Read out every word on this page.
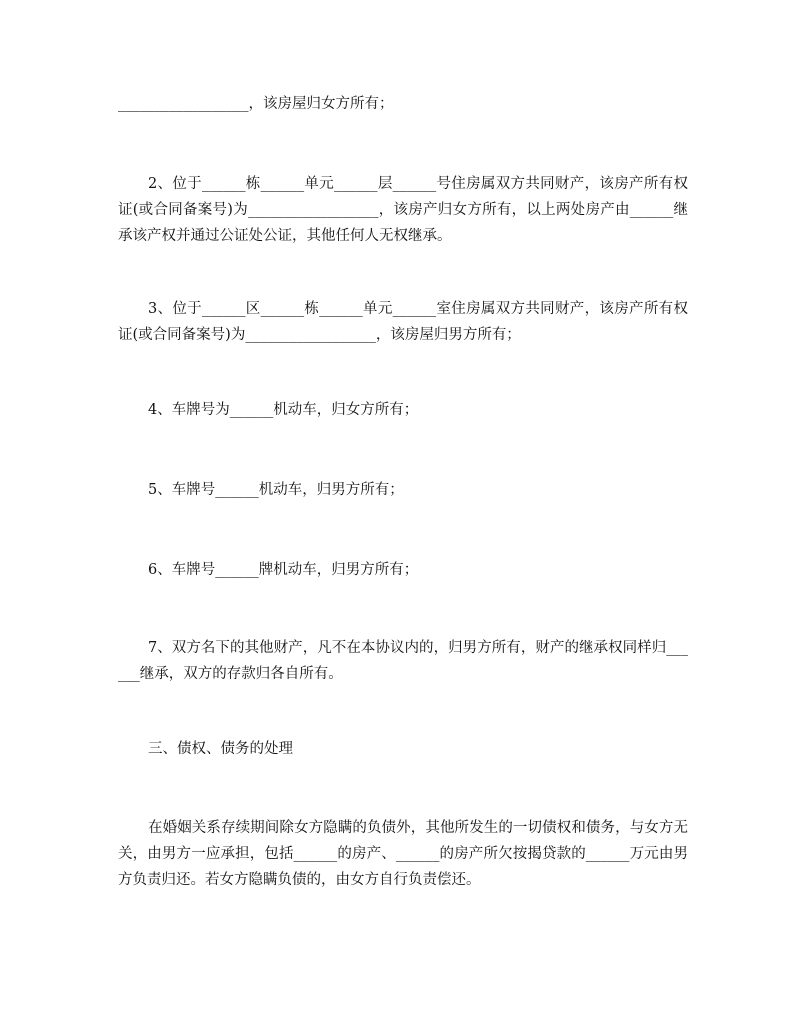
__________________，该房屋归女方所有；

2、位于______栋______单元______层______号住房属双方共同财产，该房产所有权证(或合同备案号)为__________________，该房产归女方所有，以上两处房产由______继承该产权并通过公证处公证，其他任何人无权继承。

3、位于______区______栋______单元______室住房属双方共同财产，该房产所有权证(或合同备案号)为__________________，该房屋归男方所有；

4、车牌号为______机动车，归女方所有；

5、车牌号______机动车，归男方所有；

6、车牌号______牌机动车，归男方所有；

7、双方名下的其他财产，凡不在本协议内的，归男方所有，财产的继承权同样归______继承，双方的存款归各自所有。

三、债权、债务的处理

在婚姻关系存续期间除女方隐瞒的负债外，其他所发生的一切债权和债务，与女方无关，由男方一应承担，包括______的房产、______的房产所欠按揭贷款的______万元由男方负责归还。若女方隐瞒负债的，由女方自行负责偿还。
